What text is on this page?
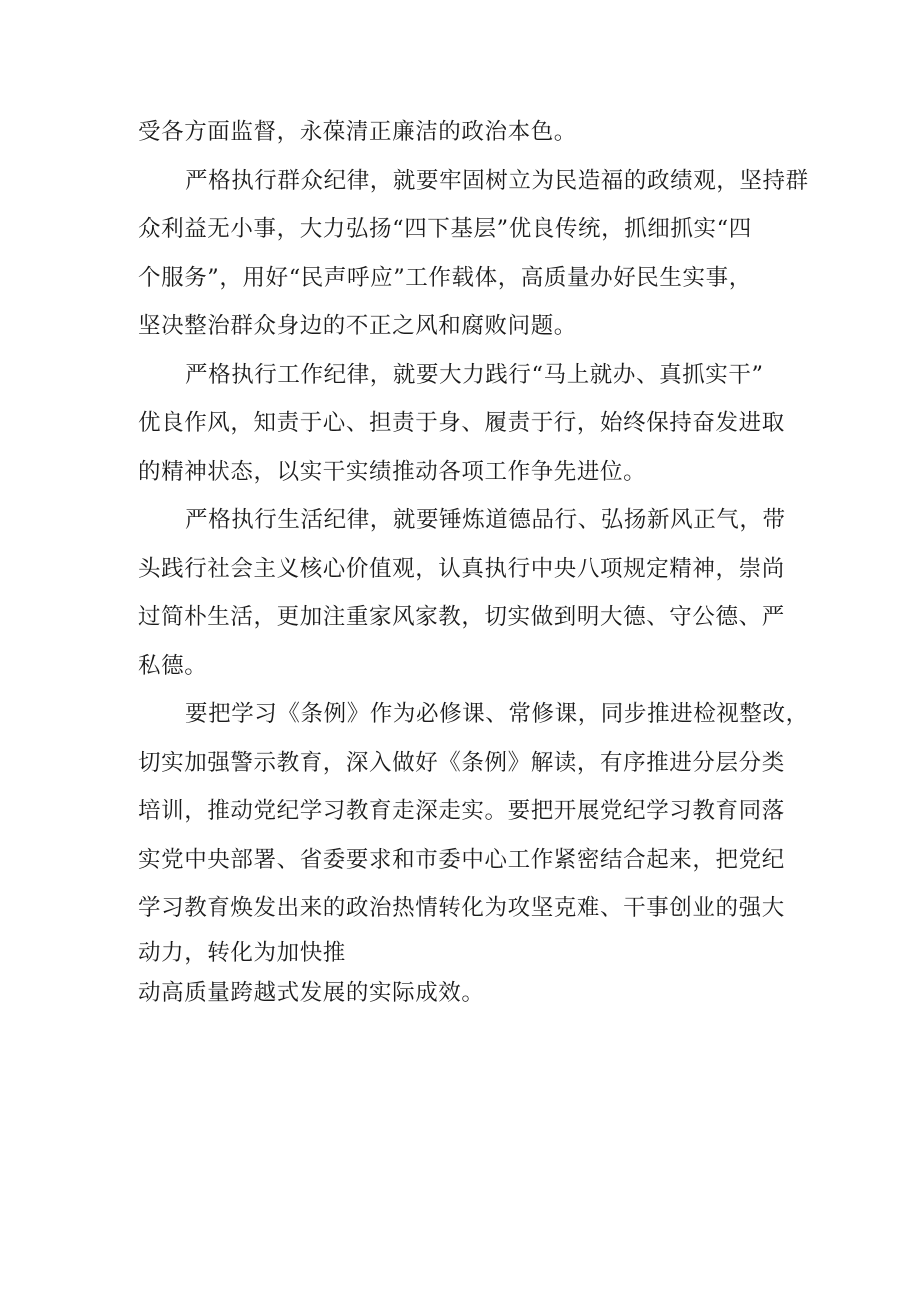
受各方面监督，永葆清正廉洁的政治本色。
严格执行群众纪律，就要牢固树立为民造福的政绩观，坚持群
众利益无小事，大力弘扬“四下基层”优良传统，抓细抓实“四
个服务”，用好“民声呼应”工作载体，高质量办好民生实事，
坚决整治群众身边的不正之风和腐败问题。
严格执行工作纪律，就要大力践行“马上就办、真抓实干”
优良作风，知责于心、担责于身、履责于行，始终保持奋发进取
的精神状态，以实干实绩推动各项工作争先进位。
严格执行生活纪律，就要锤炼道德品行、弘扬新风正气，带
头践行社会主义核心价值观，认真执行中央八项规定精神，崇尚
过简朴生活，更加注重家风家教，切实做到明大德、守公德、严
私德。
要把学习《条例》作为必修课、常修课，同步推进检视整改，
切实加强警示教育，深入做好《条例》解读，有序推进分层分类
培训，推动党纪学习教育走深走实。要把开展党纪学习教育同落
实党中央部署、省委要求和市委中心工作紧密结合起来，把党纪
学习教育焕发出来的政治热情转化为攻坚克难、干事创业的强大
动力，转化为加快推
动高质量跨越式发展的实际成效。
